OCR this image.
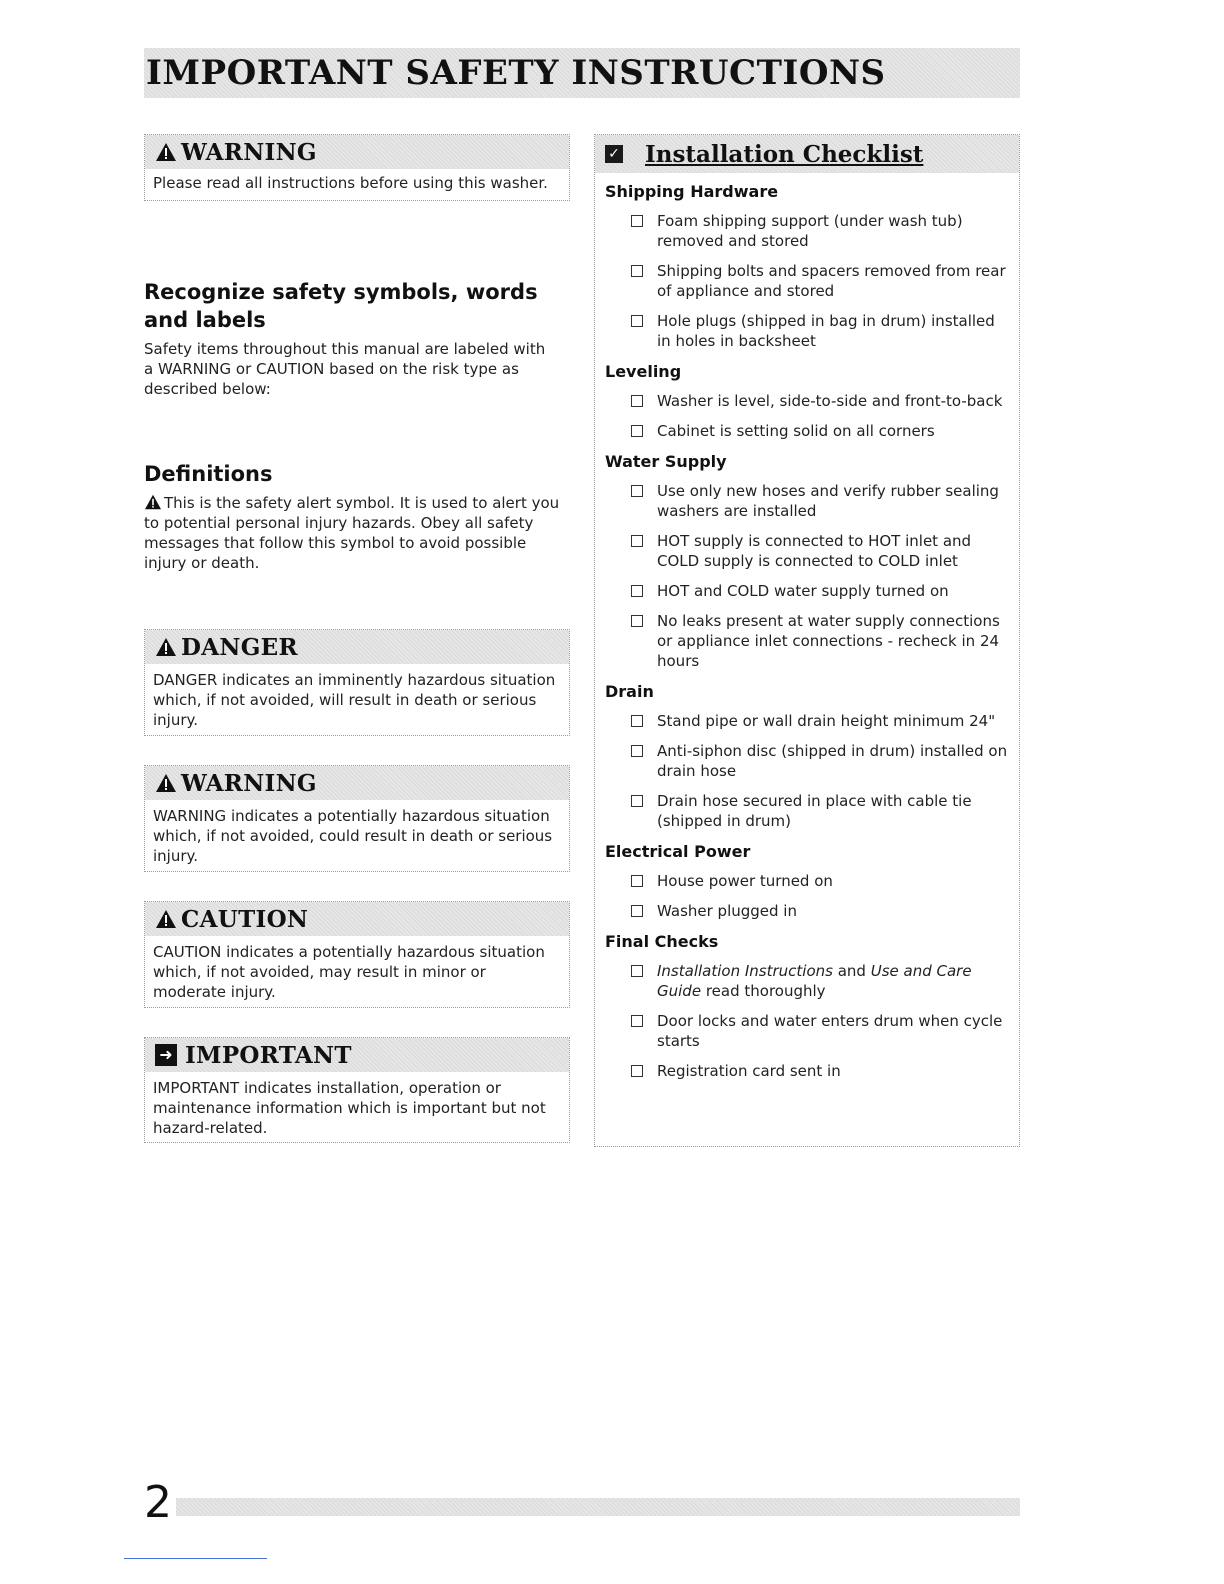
IMPORTANT SAFETY INSTRUCTIONS
WARNING
Please read all instructions before using this washer.
Recognize safety symbols, words
and labels

Safety items throughout this manual are labeled with a WARNING or CAUTION based on the risk type as described below:

Definitions

This is the safety alert symbol. It is used to alert you to potential personal injury hazards. Obey all safety messages that follow this symbol to avoid possible injury or death.

DANGER
DANGER indicates an imminently hazardous situation which, if not avoided, will result in death or serious injury.
WARNING
WARNING indicates a potentially hazardous situation which, if not avoided, could result in death or serious injury.
CAUTION
CAUTION indicates a potentially hazardous situation which, if not avoided, may result in minor or moderate injury.
➜ IMPORTANT
IMPORTANT indicates installation, operation or maintenance information which is important but not hazard-related.
✓ Installation Checklist
Shipping Hardware
Foam shipping support (under wash tub) removed and stored
Shipping bolts and spacers removed from rear of appliance and stored
Hole plugs (shipped in bag in drum) installed in holes in backsheet
Leveling
Washer is level, side-to-side and front-to-back
Cabinet is setting solid on all corners
Water Supply
Use only new hoses and verify rubber sealing washers are installed
HOT supply is connected to HOT inlet and COLD supply is connected to COLD inlet
HOT and COLD water supply turned on
No leaks present at water supply connections or appliance inlet connections - recheck in 24 hours
Drain
Stand pipe or wall drain height minimum 24"
Anti-siphon disc (shipped in drum) installed on drain hose
Drain hose secured in place with cable tie (shipped in drum)
Electrical Power
House power turned on
Washer plugged in
Final Checks
Installation Instructions and Use and Care Guide read thoroughly
Door locks and water enters drum when cycle starts
Registration card sent in
2
